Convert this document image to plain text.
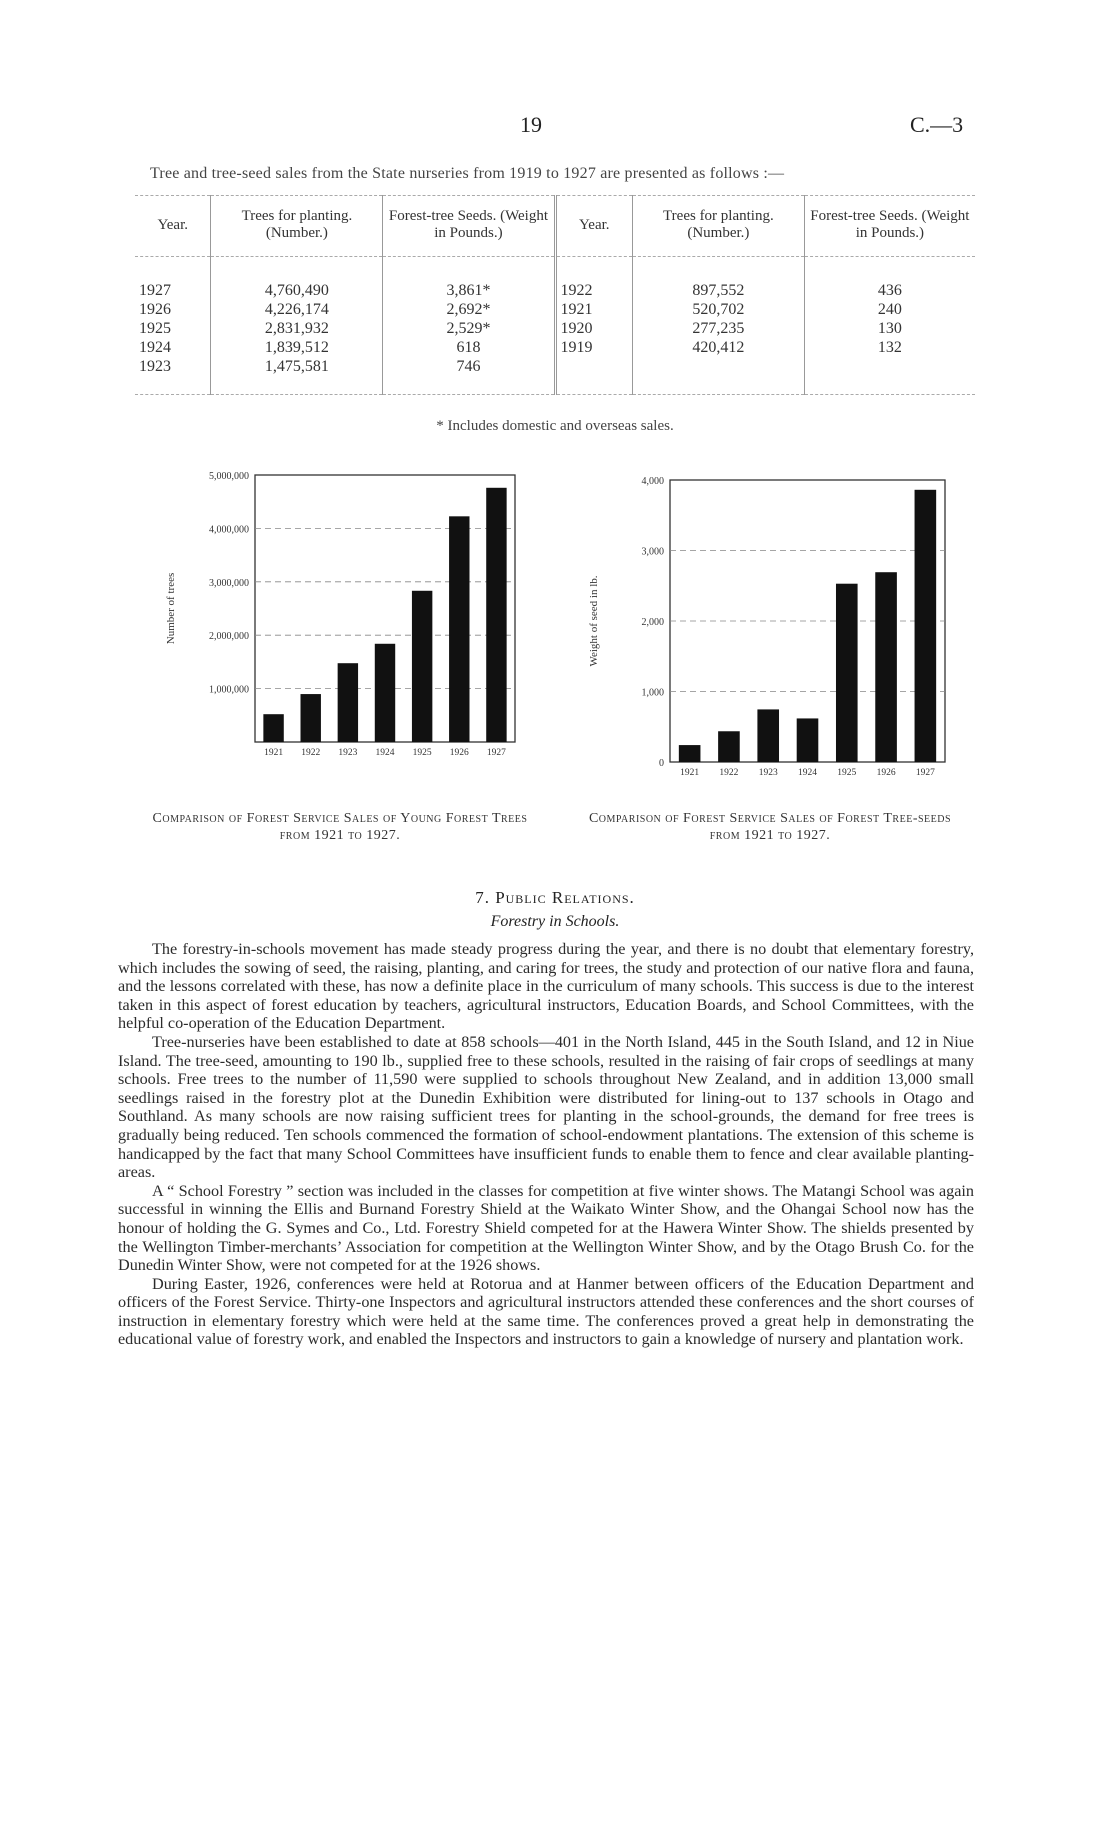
19	C.—3
Tree and tree-seed sales from the State nurseries from 1919 to 1927 are presented as follows :—
Year.	Trees for planting. (Number.)	Forest-tree Seeds. (Weight in Pounds.)	Year.	Trees for planting. (Number.)	Forest-tree Seeds. (Weight in Pounds.)
1927	4,760,490	3,861*	1922	897,552	436
1926	4,226,174	2,692*	1921	520,702	240
1925	2,831,932	2,529*	1920	277,235	130
1924	1,839,512	618	1919	420,412	132
1923	1,475,581	746			
* Includes domestic and overseas sales.
1,000,000
2,000,000
3,000,000
4,000,000
5,000,000
Number of trees
1921 1922 1923 1924 1925 1926 1927
Comparison of Forest Service Sales of Young Forest Trees from 1921 to 1927.
0
1,000
2,000
3,000
4,000
Weight of seed in lb.
1921 1922 1923 1924 1925 1926 1927
Comparison of Forest Service Sales of Forest Tree-seeds from 1921 to 1927.
7. Public Relations.
Forestry in Schools.

The forestry-in-schools movement has made steady progress during the year, and there is no doubt that elementary forestry, which includes the sowing of seed, the raising, planting, and caring for trees, the study and protection of our native flora and fauna, and the lessons correlated with these, has now a definite place in the curriculum of many schools. This success is due to the interest taken in this aspect of forest education by teachers, agricultural instructors, Education Boards, and School Committees, with the helpful co-operation of the Education Department.

Tree-nurseries have been established to date at 858 schools—401 in the North Island, 445 in the South Island, and 12 in Niue Island. The tree-seed, amounting to 190 lb., supplied free to these schools, resulted in the raising of fair crops of seedlings at many schools. Free trees to the number of 11,590 were supplied to schools throughout New Zealand, and in addition 13,000 small seedlings raised in the forestry plot at the Dunedin Exhibition were distributed for lining-out to 137 schools in Otago and Southland. As many schools are now raising sufficient trees for planting in the school-grounds, the demand for free trees is gradually being reduced. Ten schools commenced the formation of school-endowment plantations. The extension of this scheme is handicapped by the fact that many School Committees have insufficient funds to enable them to fence and clear available planting-areas.

A “ School Forestry ” section was included in the classes for competition at five winter shows. The Matangi School was again successful in winning the Ellis and Burnand Forestry Shield at the Waikato Winter Show, and the Ohangai School now has the honour of holding the G. Symes and Co., Ltd. Forestry Shield competed for at the Hawera Winter Show. The shields presented by the Wellington Timber-merchants’ Association for competition at the Wellington Winter Show, and by the Otago Brush Co. for the Dunedin Winter Show, were not competed for at the 1926 shows.

During Easter, 1926, conferences were held at Rotorua and at Hanmer between officers of the Education Department and officers of the Forest Service. Thirty-one Inspectors and agricultural instructors attended these conferences and the short courses of instruction in elementary forestry which were held at the same time. The conferences proved a great help in demonstrating the educational value of forestry work, and enabled the Inspectors and instructors to gain a knowledge of nursery and plantation work.
